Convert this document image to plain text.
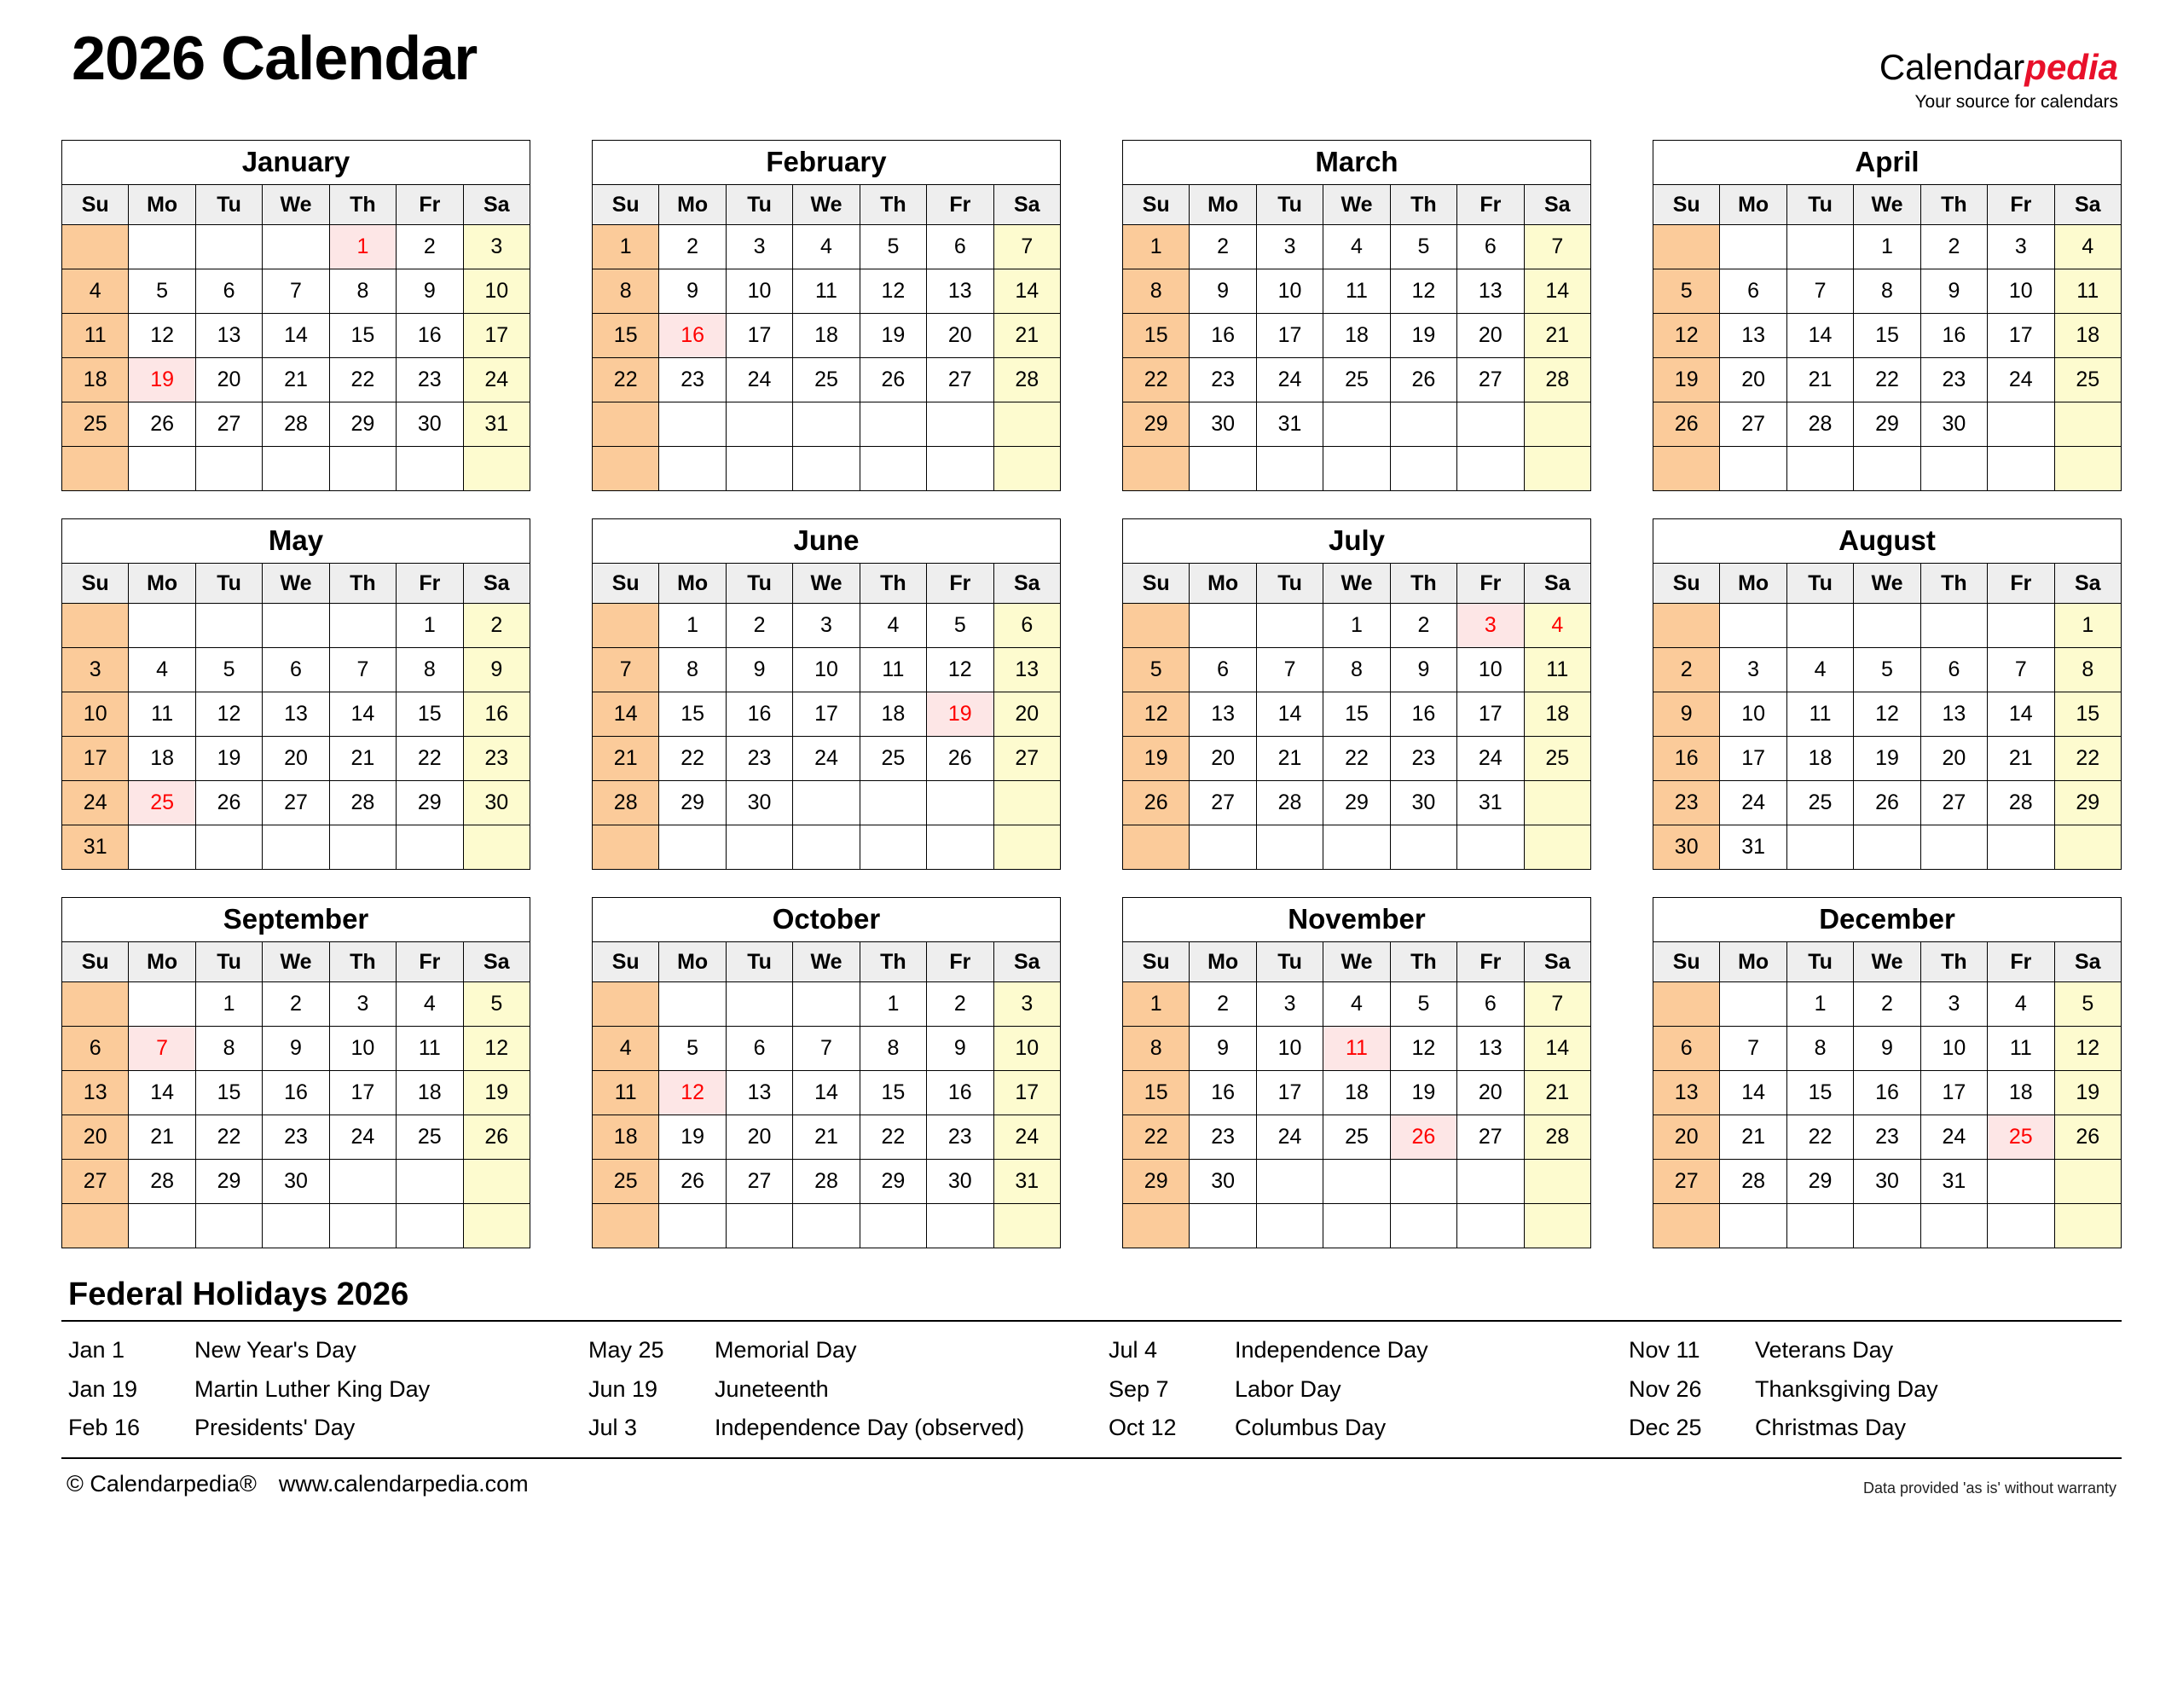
2026 Calendar	Calendarpedia
Your source for calendars
January
Su	Mo	Tu	We	Th	Fr	Sa
				1	2	3
4	5	6	7	8	9	10
11	12	13	14	15	16	17
18	19	20	21	22	23	24
25	26	27	28	29	30	31

February
Su	Mo	Tu	We	Th	Fr	Sa
1	2	3	4	5	6	7
8	9	10	11	12	13	14
15	16	17	18	19	20	21
22	23	24	25	26	27	28

March
Su	Mo	Tu	We	Th	Fr	Sa
1	2	3	4	5	6	7
8	9	10	11	12	13	14
15	16	17	18	19	20	21
22	23	24	25	26	27	28
29	30	31				

April
Su	Mo	Tu	We	Th	Fr	Sa
			1	2	3	4
5	6	7	8	9	10	11
12	13	14	15	16	17	18
19	20	21	22	23	24	25
26	27	28	29	30		

May
Su	Mo	Tu	We	Th	Fr	Sa
					1	2
3	4	5	6	7	8	9
10	11	12	13	14	15	16
17	18	19	20	21	22	23
24	25	26	27	28	29	30
31						
June
Su	Mo	Tu	We	Th	Fr	Sa
	1	2	3	4	5	6
7	8	9	10	11	12	13
14	15	16	17	18	19	20
21	22	23	24	25	26	27
28	29	30				

July
Su	Mo	Tu	We	Th	Fr	Sa
			1	2	3	4
5	6	7	8	9	10	11
12	13	14	15	16	17	18
19	20	21	22	23	24	25
26	27	28	29	30	31	

August
Su	Mo	Tu	We	Th	Fr	Sa
						1
2	3	4	5	6	7	8
9	10	11	12	13	14	15
16	17	18	19	20	21	22
23	24	25	26	27	28	29
30	31					
September
Su	Mo	Tu	We	Th	Fr	Sa
		1	2	3	4	5
6	7	8	9	10	11	12
13	14	15	16	17	18	19
20	21	22	23	24	25	26
27	28	29	30			

October
Su	Mo	Tu	We	Th	Fr	Sa
				1	2	3
4	5	6	7	8	9	10
11	12	13	14	15	16	17
18	19	20	21	22	23	24
25	26	27	28	29	30	31

November
Su	Mo	Tu	We	Th	Fr	Sa
1	2	3	4	5	6	7
8	9	10	11	12	13	14
15	16	17	18	19	20	21
22	23	24	25	26	27	28
29	30					

December
Su	Mo	Tu	We	Th	Fr	Sa
		1	2	3	4	5
6	7	8	9	10	11	12
13	14	15	16	17	18	19
20	21	22	23	24	25	26
27	28	29	30	31		

Federal Holidays 2026
Jan 1	New Year's Day	May 25	Memorial Day	Jul 4	Independence Day	Nov 11	Veterans Day
Jan 19	Martin Luther King Day	Jun 19	Juneteenth	Sep 7	Labor Day	Nov 26	Thanksgiving Day
Feb 16	Presidents' Day	Jul 3	Independence Day (observed)	Oct 12	Columbus Day	Dec 25	Christmas Day
© Calendarpedia® www.calendarpedia.com	Data provided 'as is' without warranty
